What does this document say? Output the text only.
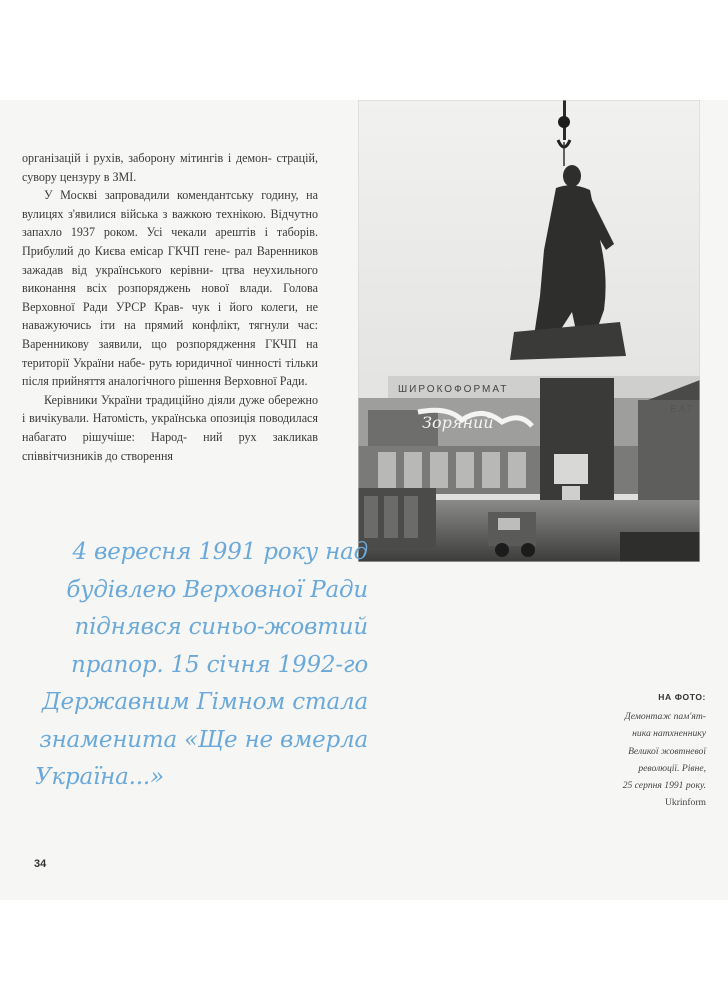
організацій і рухів, заборону мітингів і демон- страцій, сувору цензуру в ЗМІ.

У Москві запровадили комендантську годину, на вулицях з'явилися війська з важкою технікою. Відчутно запахло 1937 роком. Усі чекали арештів і таборів. Прибулий до Києва емісар ГКЧП гене- рал Варенников зажадав від українського керівни- цтва неухильного виконання всіх розпоряджень нової влади. Голова Верховної Ради УРСР Крав- чук і його колеги, не наважуючись іти на прямий конфлікт, тягнули час: Варенникову заявили, що розпорядження ГКЧП на території України набе- руть юридичної чинності тільки після прийняття аналогічного рішення Верховної Ради.

Керівники України традиційно діяли дуже обережно і вичікували. Натомість, українська опозиція поводилася набагато рішучіше: Народ- ний рух закликав співвітчизників до створення

ШИРОКОФОРМАТ
ЕАТ
Зоряний

4 вересня 1991 року над

будівлею Верховної Ради

піднявся синьо-жовтий

прапор. 15 січня 1992-го

Державним Гімном стала

знаменита «Ще не вмерла

Україна...»

НА ФОТО:
Демонтаж пам'ят-
ника натхненнику
Великої жовтневої
революції. Рівне,
25 серпня 1991 року.
Ukrinform
34
